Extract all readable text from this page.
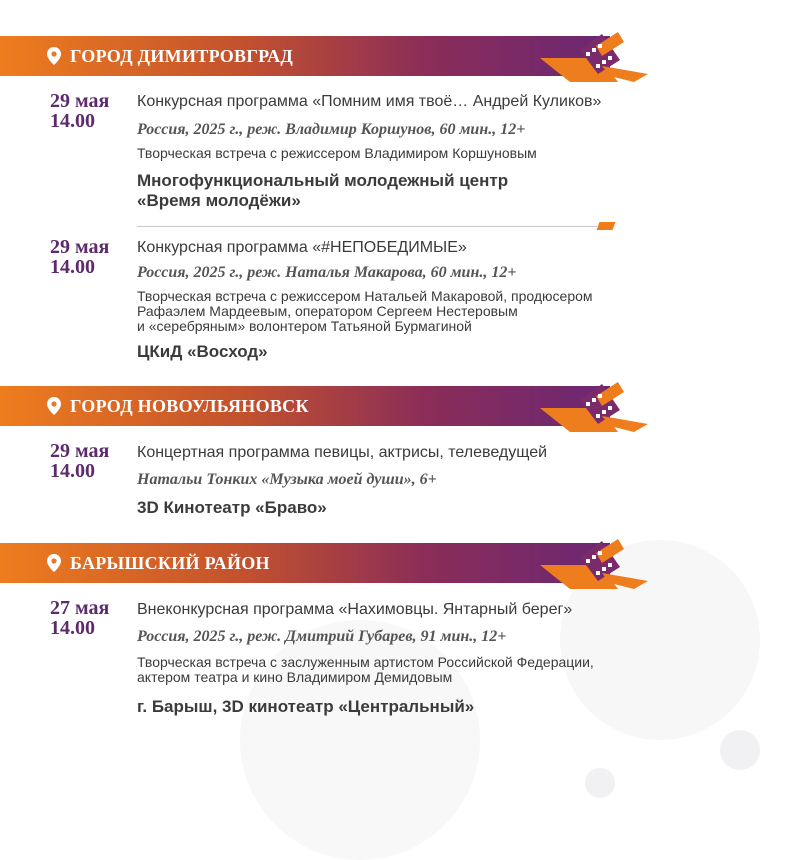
ГОРОД ДИМИТРОВГРАД
29 мая
14.00
Конкурсная программа «Помним имя твоё… Андрей Куликов»
Россия, 2025 г., реж. Владимир Коршунов, 60 мин., 12+
Творческая встреча с режиссером Владимиром Коршуновым
Многофункциональный молодежный центр
«Время молодёжи»
29 мая
14.00
Конкурсная программа «#НЕПОБЕДИМЫЕ»
Россия, 2025 г., реж. Наталья Макарова, 60 мин., 12+
Творческая встреча с режиссером Натальей Макаровой, продюсером
Рафаэлем Мардеевым, оператором Сергеем Нестеровым
и «серебряным» волонтером Татьяной Бурмагиной
ЦКиД «Восход»
ГОРОД НОВОУЛЬЯНОВСК
29 мая
14.00
Концертная программа певицы, актрисы, телеведущей
Натальи Тонких «Музыка моей души», 6+
3D Кинотеатр «Браво»
БАРЫШСКИЙ РАЙОН
27 мая
14.00
Внеконкурсная программа «Нахимовцы. Янтарный берег»
Россия, 2025 г., реж. Дмитрий Губарев, 91 мин., 12+
Творческая встреча с заслуженным артистом Российской Федерации,
актером театра и кино Владимиром Демидовым
г. Барыш, 3D кинотеатр «Центральный»
